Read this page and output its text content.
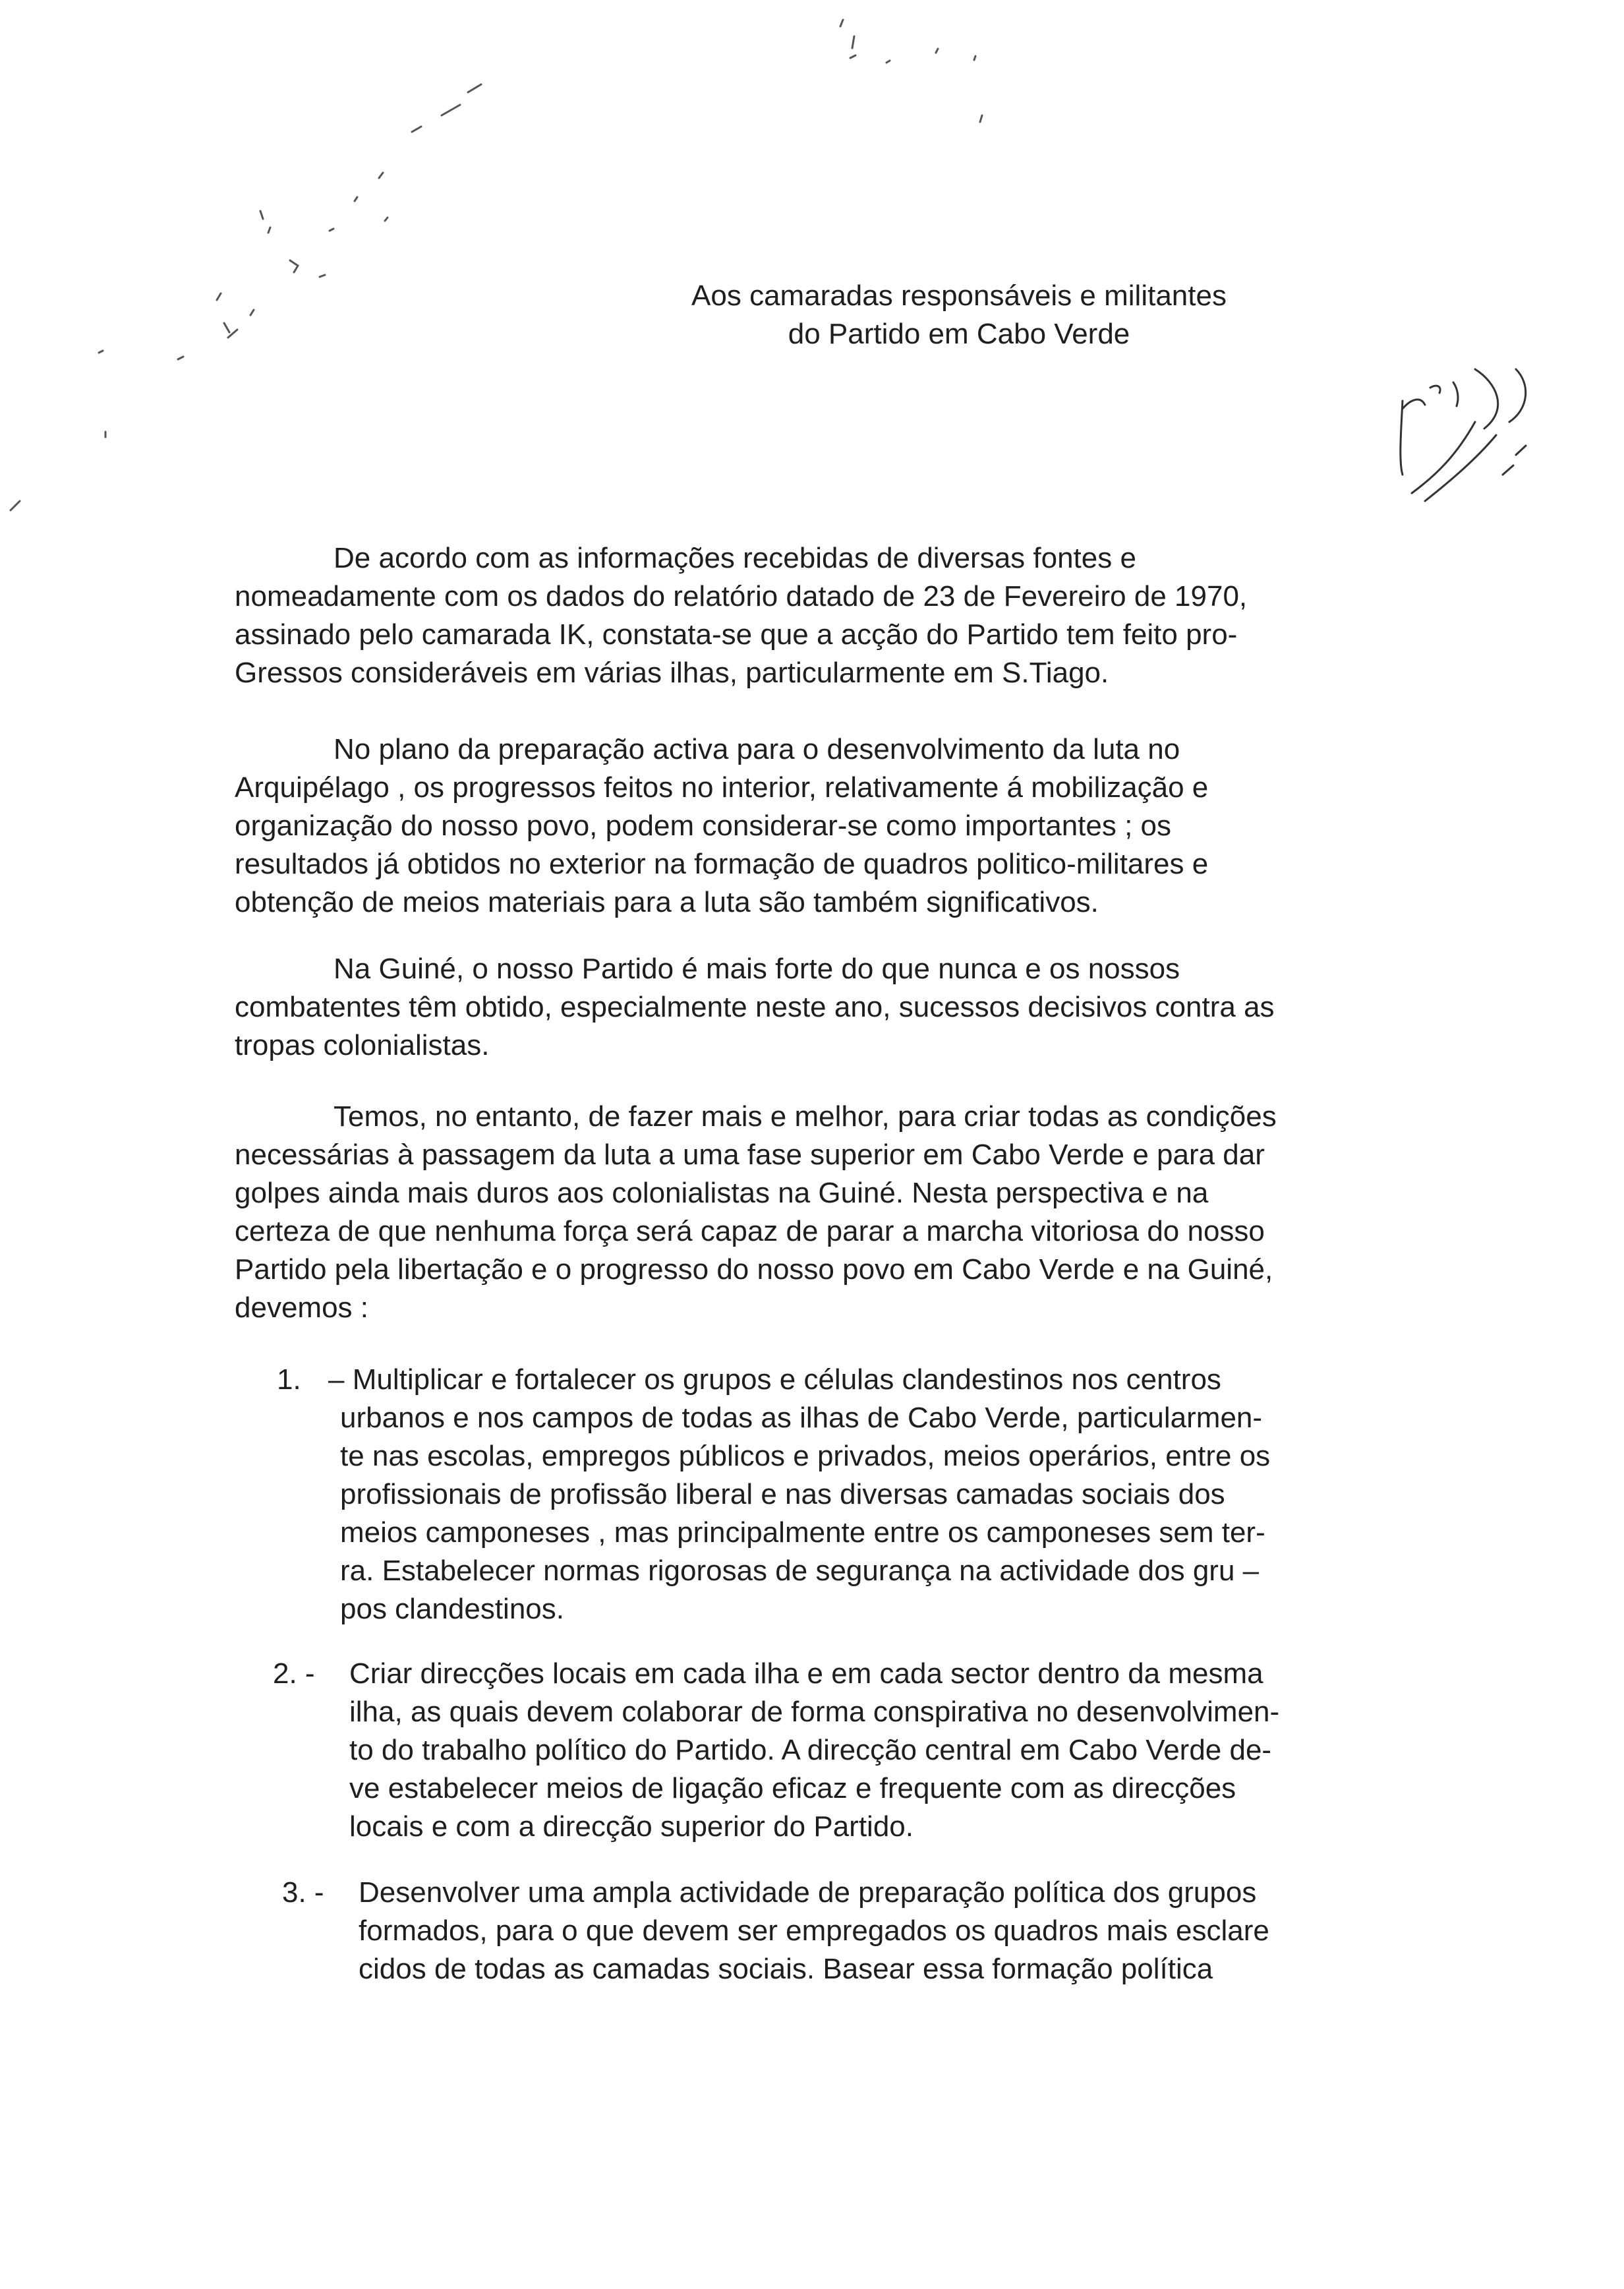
Aos camaradas responsáveis e militantes
do Partido em Cabo Verde
De acordo com as informações recebidas de diversas fontes e
nomeadamente com os dados do relatório datado de 23 de Fevereiro de 1970,
assinado pelo camarada IK, constata-se que a acção do Partido tem feito pro-
Gressos consideráveis em várias ilhas, particularmente em S.Tiago.
No plano da preparação activa para o desenvolvimento da luta no
Arquipélago , os progressos feitos no interior, relativamente á mobilização e
organização do nosso povo, podem considerar-se como importantes ; os
resultados já obtidos no exterior na formação de quadros politico-militares e
obtenção de meios materiais para a luta são também significativos.
Na Guiné, o nosso Partido é mais forte do que nunca e os nossos
combatentes têm obtido, especialmente neste ano, sucessos decisivos contra as
tropas colonialistas.
Temos, no entanto, de fazer mais e melhor, para criar todas as condições
necessárias à passagem da luta a uma fase superior em Cabo Verde e para dar
golpes ainda mais duros aos colonialistas na Guiné. Nesta perspectiva e na
certeza de que nenhuma força será capaz de parar a marcha vitoriosa do nosso
Partido pela libertação e o progresso do nosso povo em Cabo Verde e na Guiné,
devemos :
1. – Multiplicar e fortalecer os grupos e células clandestinos nos centros
urbanos e nos campos de todas as ilhas de Cabo Verde, particularmen-
te nas escolas, empregos públicos e privados, meios operários, entre os
profissionais de profissão liberal e nas diversas camadas sociais dos
meios camponeses , mas principalmente entre os camponeses sem ter-
ra. Estabelecer normas rigorosas de segurança na actividade dos gru –
pos clandestinos.
2. - Criar direcções locais em cada ilha e em cada sector dentro da mesma
ilha, as quais devem colaborar de forma conspirativa no desenvolvimen-
to do trabalho político do Partido. A direcção central em Cabo Verde de-
ve estabelecer meios de ligação eficaz e frequente com as direcções
locais e com a direcção superior do Partido.
3. - Desenvolver uma ampla actividade de preparação política dos grupos
formados, para o que devem ser empregados os quadros mais esclare
cidos de todas as camadas sociais. Basear essa formação política
